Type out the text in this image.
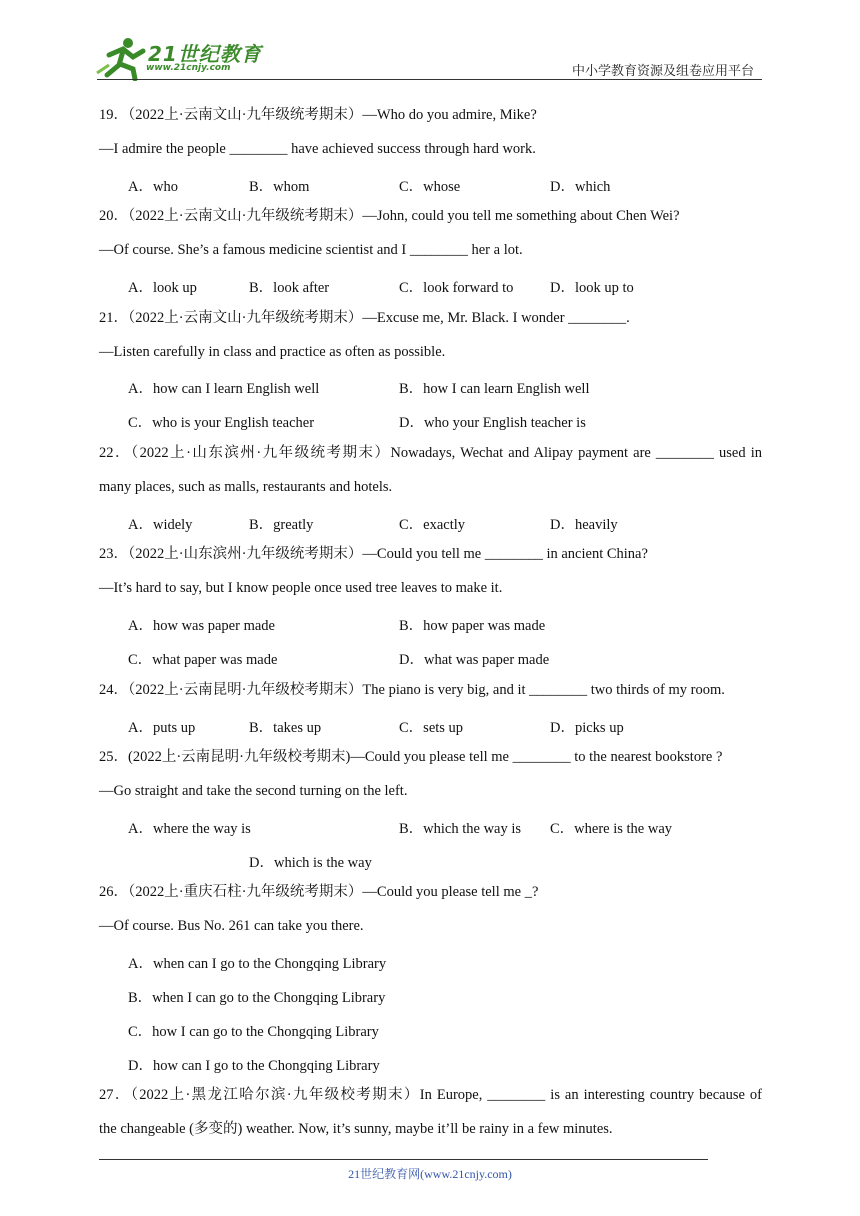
21世纪教育
www.21cnjy.com	中小学教育资源及组卷应用平台
19．（2022上·云南文山·九年级统考期末）—Who do you admire, Mike?
—I admire the people ________ have achieved success through hard work.
A．who	B．whom	C．whose	D．which
20．（2022上·云南文山·九年级统考期末）—John, could you tell me something about Chen Wei?
—Of course. She’s a famous medicine scientist and I ________ her a lot.
A．look up	B．look after	C．look forward to	D．look up to
21．（2022上·云南文山·九年级统考期末）—Excuse me, Mr. Black. I wonder ________.
—Listen carefully in class and practice as often as possible.
A．how can I learn English well	B．how I can learn English well
C．who is your English teacher	D．who your English teacher is
22．（2022上·山东滨州·九年级统考期末）Nowadays, Wechat and Alipay payment are ________ used in
many places, such as malls, restaurants and hotels.
A．widely	B．greatly	C．exactly	D．heavily
23．（2022上·山东滨州·九年级统考期末）—Could you tell me ________ in ancient China?
—It’s hard to say, but I know people once used tree leaves to make it.
A．how was paper made	B．how paper was made
C．what paper was made	D．what was paper made
24．（2022上·云南昆明·九年级校考期末）The piano is very big, and it ________ two thirds of my room.
A．puts up	B．takes up	C．sets up	D．picks up
25．(2022上·云南昆明·九年级校考期末)—Could you please tell me ________ to the nearest bookstore ?
—Go straight and take the second turning on the left.
A．where the way is	B．which the way is C．where is the way
D．which is the way
26．（2022上·重庆石柱·九年级统考期末）—Could you please tell me _?
—Of course. Bus No. 261 can take you there.
A．when can I go to the Chongqing Library
B．when I can go to the Chongqing Library
C．how I can go to the Chongqing Library
D．how can I go to the Chongqing Library
27．（2022上·黑龙江哈尔滨·九年级校考期末）In Europe, ________ is an interesting country because of
the changeable (多变的) weather. Now, it’s sunny, maybe it’ll be rainy in a few minutes.
21世纪教育网(www.21cnjy.com)
